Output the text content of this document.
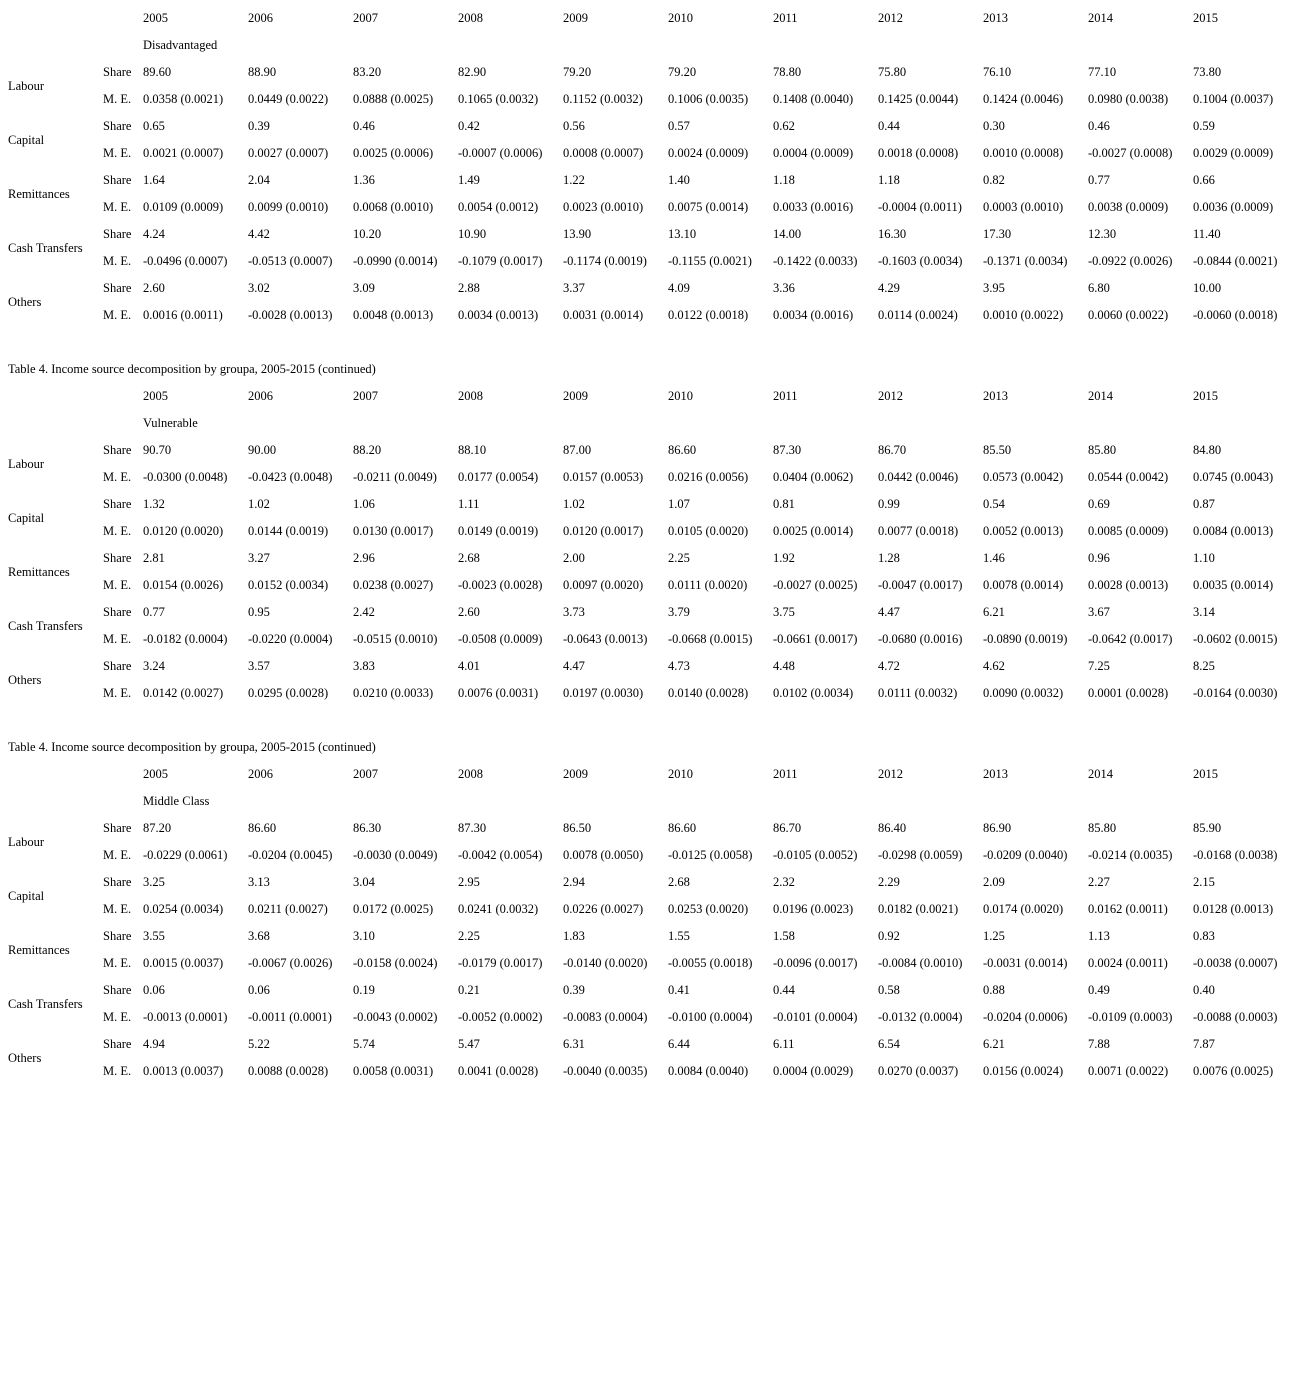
2005	2006	2007	2008	2009	2010	2011	2012	2013	2014	2015
Disadvantaged
Labour
Share 89.60	88.90	83.20	82.90	79.20	79.20	78.80	75.80	76.10	77.10	73.80
M. E. 0.0358 (0.0021) 0.0449 (0.0022) 0.0888 (0.0025) 0.1065 (0.0032) 0.1152 (0.0032) 0.1006 (0.0035) 0.1408 (0.0040) 0.1425 (0.0044) 0.1424 (0.0046) 0.0980 (0.0038) 0.1004 (0.0037)
Capital
Share 0.65	0.39	0.46	0.42	0.56	0.57	0.62	0.44	0.30	0.46	0.59
M. E. 0.0021 (0.0007) 0.0027 (0.0007) 0.0025 (0.0006) -0.0007 (0.0006) 0.0008 (0.0007) 0.0024 (0.0009) 0.0004 (0.0009) 0.0018 (0.0008) 0.0010 (0.0008) -0.0027 (0.0008) 0.0029 (0.0009)
Remittances
Share 1.64	2.04	1.36	1.49	1.22	1.40	1.18	1.18	0.82	0.77	0.66
M. E. 0.0109 (0.0009) 0.0099 (0.0010) 0.0068 (0.0010) 0.0054 (0.0012) 0.0023 (0.0010) 0.0075 (0.0014) 0.0033 (0.0016) -0.0004 (0.0011) 0.0003 (0.0010) 0.0038 (0.0009) 0.0036 (0.0009)
Cash Transfers
Share 4.24	4.42	10.20	10.90	13.90	13.10	14.00	16.30	17.30	12.30	11.40
M. E. -0.0496 (0.0007) -0.0513 (0.0007) -0.0990 (0.0014) -0.1079 (0.0017) -0.1174 (0.0019) -0.1155 (0.0021) -0.1422 (0.0033) -0.1603 (0.0034) -0.1371 (0.0034) -0.0922 (0.0026) -0.0844 (0.0021)
Others
Share 2.60	3.02	3.09	2.88	3.37	4.09	3.36	4.29	3.95	6.80	10.00
M. E. 0.0016 (0.0011) -0.0028 (0.0013) 0.0048 (0.0013) 0.0034 (0.0013) 0.0031 (0.0014) 0.0122 (0.0018) 0.0034 (0.0016) 0.0114 (0.0024) 0.0010 (0.0022) 0.0060 (0.0022) -0.0060 (0.0018)
Table 4. Income source decomposition by groupa, 2005-2015 (continued)
2005	2006	2007	2008	2009	2010	2011	2012	2013	2014	2015
Vulnerable
Labour
Share 90.70	90.00	88.20	88.10	87.00	86.60	87.30	86.70	85.50	85.80	84.80
M. E. -0.0300 (0.0048) -0.0423 (0.0048) -0.0211 (0.0049) 0.0177 (0.0054) 0.0157 (0.0053) 0.0216 (0.0056) 0.0404 (0.0062) 0.0442 (0.0046) 0.0573 (0.0042) 0.0544 (0.0042) 0.0745 (0.0043)
Capital
Share 1.32	1.02	1.06	1.11	1.02	1.07	0.81	0.99	0.54	0.69	0.87
M. E. 0.0120 (0.0020) 0.0144 (0.0019) 0.0130 (0.0017) 0.0149 (0.0019) 0.0120 (0.0017) 0.0105 (0.0020) 0.0025 (0.0014) 0.0077 (0.0018) 0.0052 (0.0013) 0.0085 (0.0009) 0.0084 (0.0013)
Remittances
Share 2.81	3.27	2.96	2.68	2.00	2.25	1.92	1.28	1.46	0.96	1.10
M. E. 0.0154 (0.0026) 0.0152 (0.0034) 0.0238 (0.0027) -0.0023 (0.0028) 0.0097 (0.0020) 0.0111 (0.0020) -0.0027 (0.0025) -0.0047 (0.0017) 0.0078 (0.0014) 0.0028 (0.0013) 0.0035 (0.0014)
Cash Transfers
Share 0.77	0.95	2.42	2.60	3.73	3.79	3.75	4.47	6.21	3.67	3.14
M. E. -0.0182 (0.0004) -0.0220 (0.0004) -0.0515 (0.0010) -0.0508 (0.0009) -0.0643 (0.0013) -0.0668 (0.0015) -0.0661 (0.0017) -0.0680 (0.0016) -0.0890 (0.0019) -0.0642 (0.0017) -0.0602 (0.0015)
Others
Share 3.24	3.57	3.83	4.01	4.47	4.73	4.48	4.72	4.62	7.25	8.25
M. E. 0.0142 (0.0027) 0.0295 (0.0028) 0.0210 (0.0033) 0.0076 (0.0031) 0.0197 (0.0030) 0.0140 (0.0028) 0.0102 (0.0034) 0.0111 (0.0032) 0.0090 (0.0032) 0.0001 (0.0028) -0.0164 (0.0030)
Table 4. Income source decomposition by groupa, 2005-2015 (continued)
2005	2006	2007	2008	2009	2010	2011	2012	2013	2014	2015
Middle Class
Labour
Share 87.20	86.60	86.30	87.30	86.50	86.60	86.70	86.40	86.90	85.80	85.90
M. E. -0.0229 (0.0061) -0.0204 (0.0045) -0.0030 (0.0049) -0.0042 (0.0054) 0.0078 (0.0050) -0.0125 (0.0058) -0.0105 (0.0052) -0.0298 (0.0059) -0.0209 (0.0040) -0.0214 (0.0035) -0.0168 (0.0038)
Capital
Share 3.25	3.13	3.04	2.95	2.94	2.68	2.32	2.29	2.09	2.27	2.15
M. E. 0.0254 (0.0034) 0.0211 (0.0027) 0.0172 (0.0025) 0.0241 (0.0032) 0.0226 (0.0027) 0.0253 (0.0020) 0.0196 (0.0023) 0.0182 (0.0021) 0.0174 (0.0020) 0.0162 (0.0011) 0.0128 (0.0013)
Remittances
Share 3.55	3.68	3.10	2.25	1.83	1.55	1.58	0.92	1.25	1.13	0.83
M. E. 0.0015 (0.0037) -0.0067 (0.0026) -0.0158 (0.0024) -0.0179 (0.0017) -0.0140 (0.0020) -0.0055 (0.0018) -0.0096 (0.0017) -0.0084 (0.0010) -0.0031 (0.0014) 0.0024 (0.0011) -0.0038 (0.0007)
Cash Transfers
Share 0.06	0.06	0.19	0.21	0.39	0.41	0.44	0.58	0.88	0.49	0.40
M. E. -0.0013 (0.0001) -0.0011 (0.0001) -0.0043 (0.0002) -0.0052 (0.0002) -0.0083 (0.0004) -0.0100 (0.0004) -0.0101 (0.0004) -0.0132 (0.0004) -0.0204 (0.0006) -0.0109 (0.0003) -0.0088 (0.0003)
Others
Share 4.94	5.22	5.74	5.47	6.31	6.44	6.11	6.54	6.21	7.88	7.87
M. E. 0.0013 (0.0037) 0.0088 (0.0028) 0.0058 (0.0031) 0.0041 (0.0028) -0.0040 (0.0035) 0.0084 (0.0040) 0.0004 (0.0029) 0.0270 (0.0037) 0.0156 (0.0024) 0.0071 (0.0022) 0.0076 (0.0025)
